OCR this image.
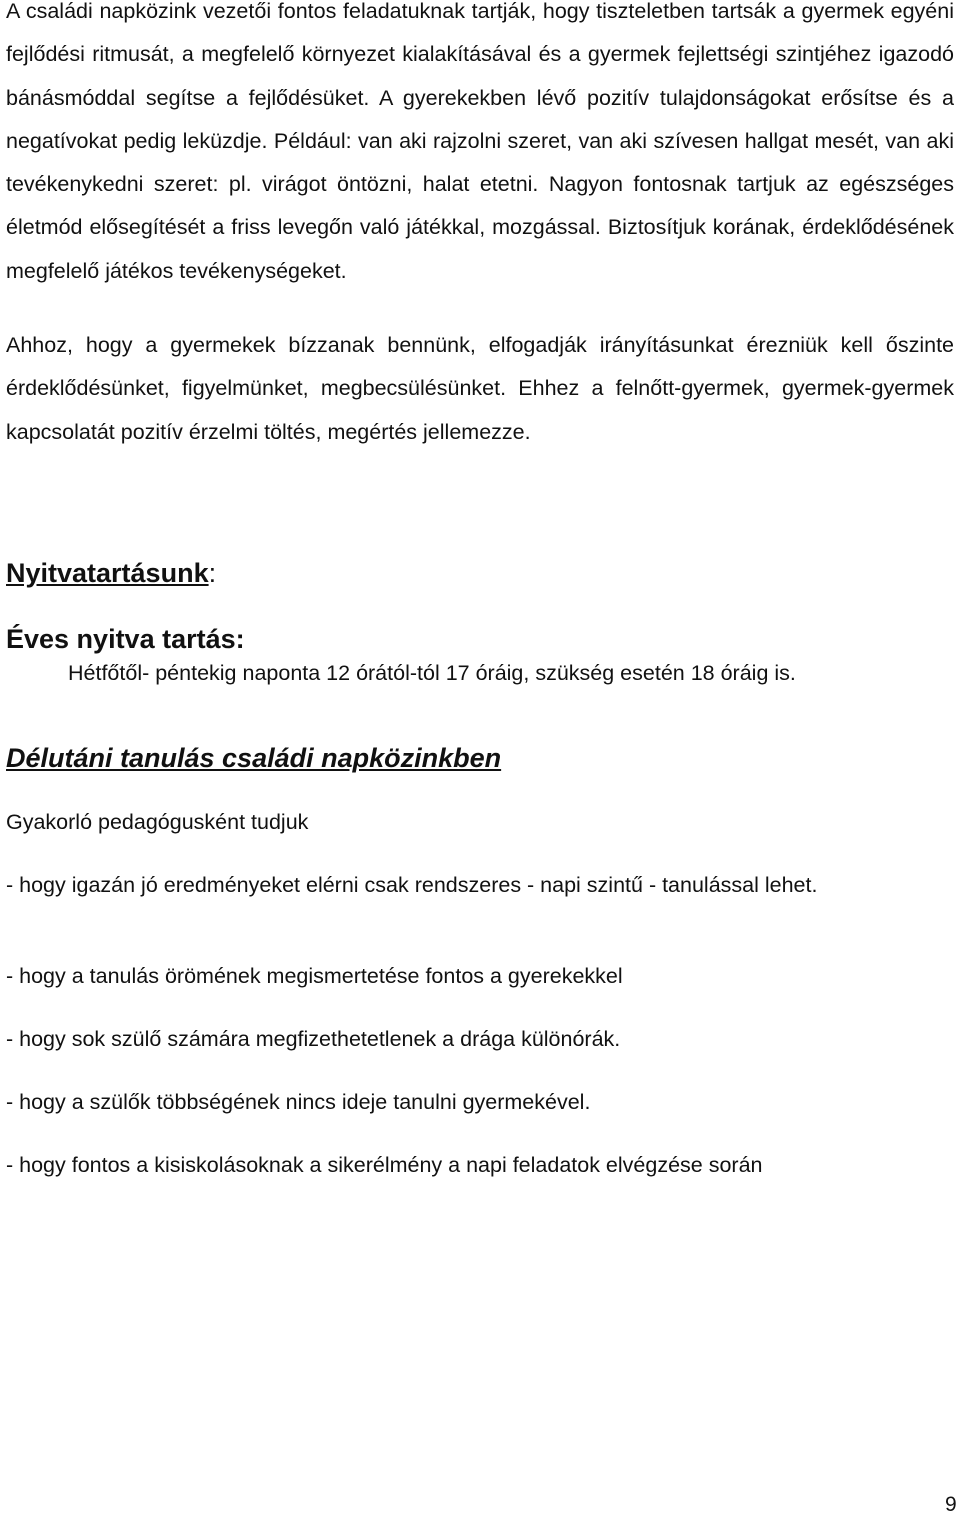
A családi napközink vezetői fontos feladatuknak tartják, hogy tiszteletben tartsák a gyermek egyéni fejlődési ritmusát, a megfelelő környezet kialakításával és a gyermek fejlettségi szintjéhez igazodó bánásmóddal segítse a fejlődésüket. A gyerekekben lévő pozitív tulajdonságokat erősítse és a negatívokat pedig leküzdje. Például: van aki rajzolni szeret, van aki szívesen hallgat mesét, van aki tevékenykedni szeret: pl. virágot öntözni, halat etetni. Nagyon fontosnak tartjuk az egészséges életmód elősegítését a friss levegőn való játékkal, mozgással. Biztosítjuk korának, érdeklődésének megfelelő játékos tevékenységeket.

Ahhoz, hogy a gyermekek bízzanak bennünk, elfogadják irányításunkat érezniük kell őszinte érdeklődésünket, figyelmünket, megbecsülésünket. Ehhez a felnőtt-gyermek, gyermek-gyermek kapcsolatát pozitív érzelmi töltés, megértés jellemezze.

Nyitvatartásunk:
Éves nyitva tartás:

Hétfőtől- péntekig naponta 12 órától-tól 17 óráig, szükség esetén 18 óráig is.

Délutáni tanulás családi napközinkben

Gyakorló pedagógusként tudjuk

- hogy igazán jó eredményeket elérni csak rendszeres - napi szintű - tanulással lehet.

- hogy a tanulás örömének megismertetése fontos a gyerekekkel

- hogy sok szülő számára megfizethetetlenek a drága különórák.

- hogy a szülők többségének nincs ideje tanulni gyermekével.

- hogy fontos a kisiskolásoknak a sikerélmény a napi feladatok elvégzése során

9
